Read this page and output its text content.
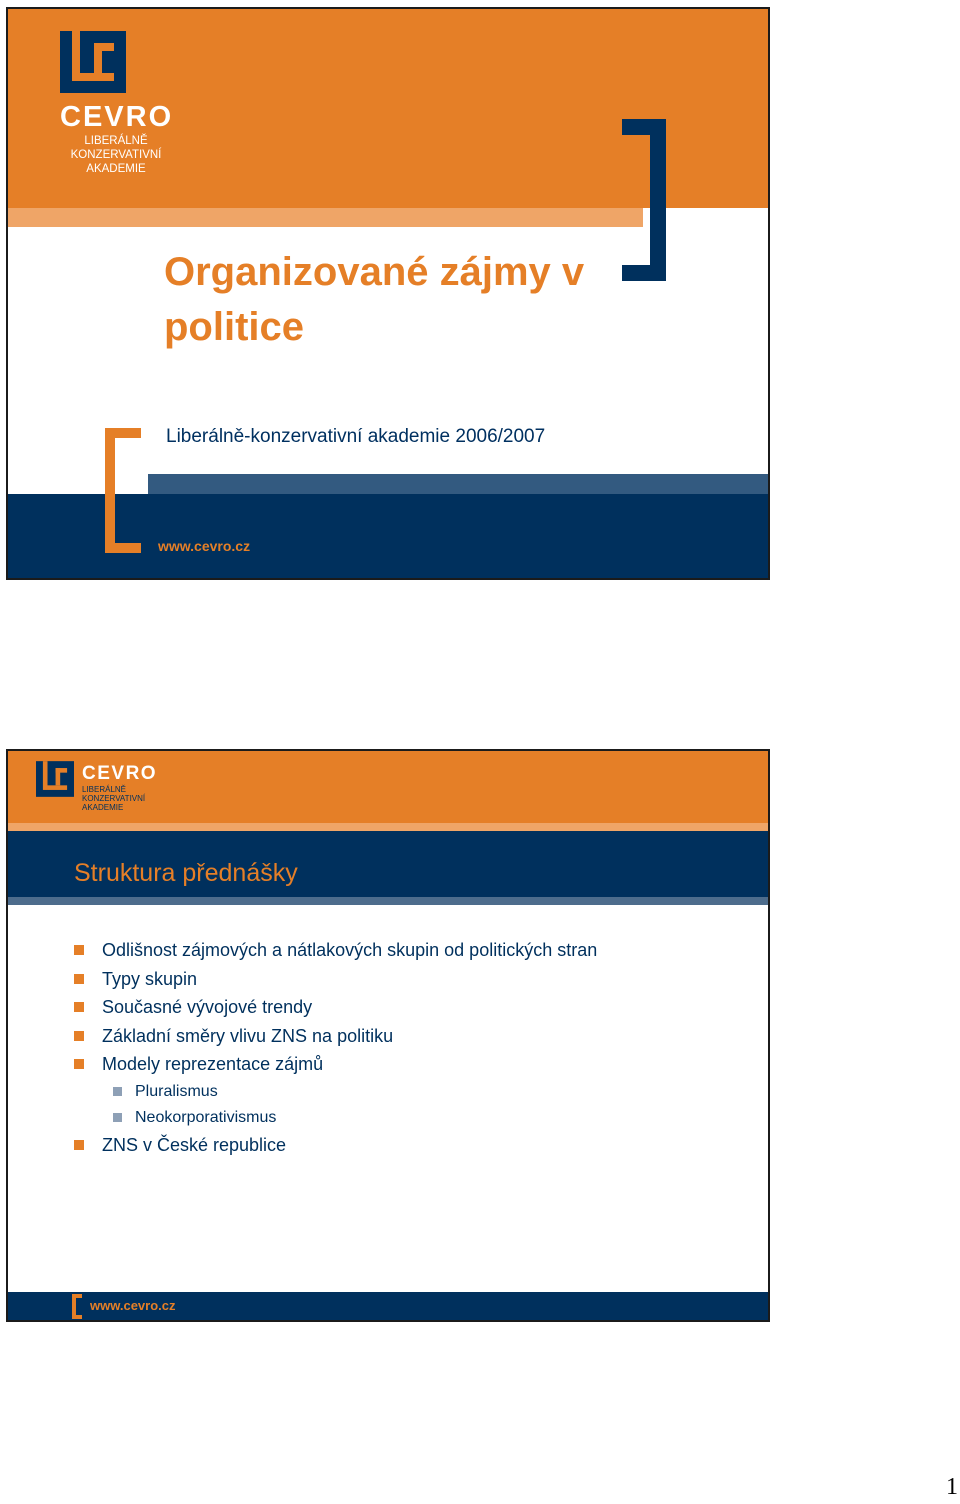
CEVRO
LIBERÁLNĚ
KONZERVATIVNÍ
AKADEMIE
Organizované zájmy v
politice

Liberálně-konzervativní akademie 2006/2007

www.cevro.cz
CEVRO
LIBERÁLNĚ
KONZERVATIVNÍ
AKADEMIE
Struktura přednášky
Odlišnost zájmových a nátlakových skupin od politických stran
Typy skupin
Současné vývojové trendy
Základní směry vlivu ZNS na politiku
Modely reprezentace zájmů
Pluralismus
Neokorporativismus
ZNS v České republice
www.cevro.cz
1
